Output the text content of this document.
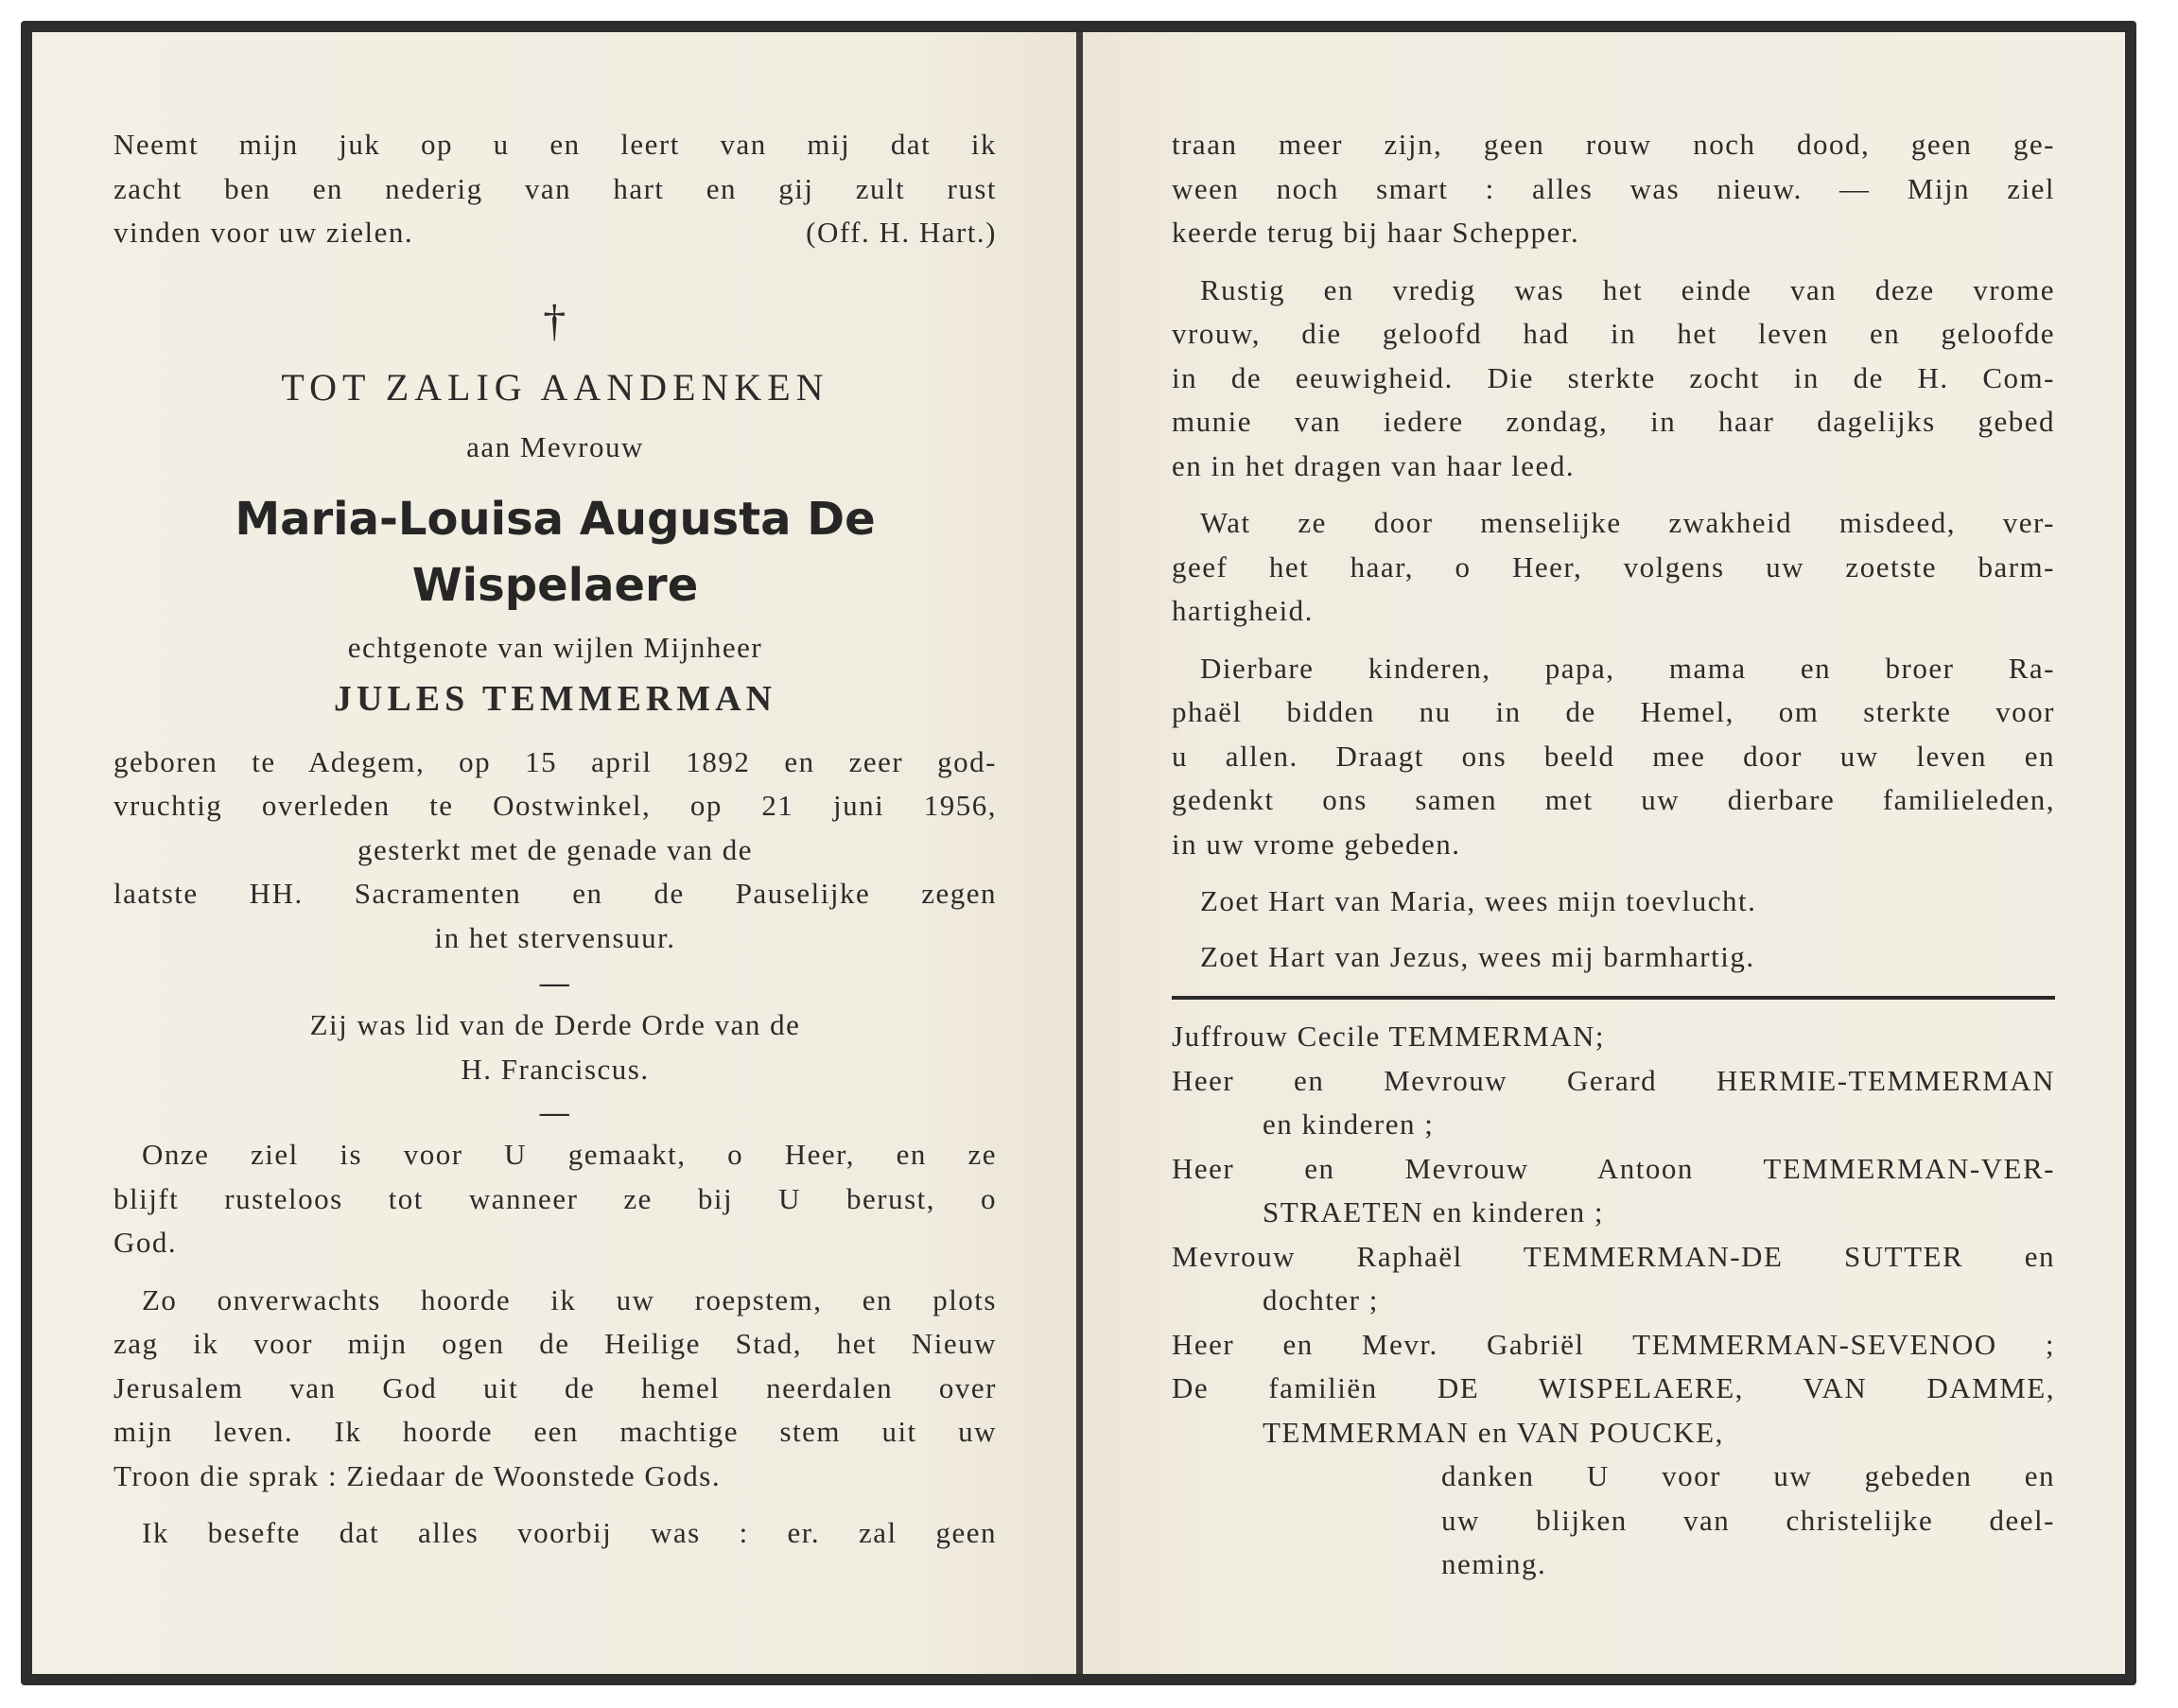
Neemt mijn juk op u en leert van mij dat ik
zacht ben en nederig van hart en gij zult rust
vinden voor uw zielen.	(Off. H. Hart.)
†
TOT ZALIG AANDENKEN
aan Mevrouw
Maria-Louisa Augusta De Wispelaere
echtgenote van wijlen Mijnheer
JULES TEMMERMAN
geboren te Adegem, op 15 april 1892 en zeer god-
vruchtig overleden te Oostwinkel, op 21 juni 1956,
gesterkt met de genade van de
laatste HH. Sacramenten en de Pauselijke zegen
in het stervensuur.
—
Zij was lid van de Derde Orde van de
H. Franciscus.
—
Onze ziel is voor U gemaakt, o Heer, en ze
blijft rusteloos tot wanneer ze bij U berust, o
God.
Zo onverwachts hoorde ik uw roepstem, en plots
zag ik voor mijn ogen de Heilige Stad, het Nieuw
Jerusalem van God uit de hemel neerdalen over
mijn leven. Ik hoorde een machtige stem uit uw
Troon die sprak : Ziedaar de Woonstede Gods.
Ik besefte dat alles voorbij was : er. zal geen
traan meer zijn, geen rouw noch dood, geen ge-
ween noch smart : alles was nieuw. — Mijn ziel
keerde terug bij haar Schepper.
Rustig en vredig was het einde van deze vrome
vrouw, die geloofd had in het leven en geloofde
in de eeuwigheid. Die sterkte zocht in de H. Com-
munie van iedere zondag, in haar dagelijks gebed
en in het dragen van haar leed.
Wat ze door menselijke zwakheid misdeed, ver-
geef het haar, o Heer, volgens uw zoetste barm-
hartigheid.
Dierbare kinderen, papa, mama en broer Ra-
phaël bidden nu in de Hemel, om sterkte voor
u allen. Draagt ons beeld mee door uw leven en
gedenkt ons samen met uw dierbare familieleden,
in uw vrome gebeden.
Zoet Hart van Maria, wees mijn toevlucht.
Zoet Hart van Jezus, wees mij barmhartig.
Juffrouw Cecile TEMMERMAN;
Heer en Mevrouw Gerard HERMIE-TEMMERMAN
en kinderen ;
Heer en Mevrouw Antoon TEMMERMAN-VER-
STRAETEN en kinderen ;
Mevrouw Raphaël TEMMERMAN-DE SUTTER en
dochter ;
Heer en Mevr. Gabriël TEMMERMAN-SEVENOO ;
De familiën DE WISPELAERE, VAN DAMME,
TEMMERMAN en VAN POUCKE,
danken U voor uw gebeden en
uw blijken van christelijke deel-
neming.
